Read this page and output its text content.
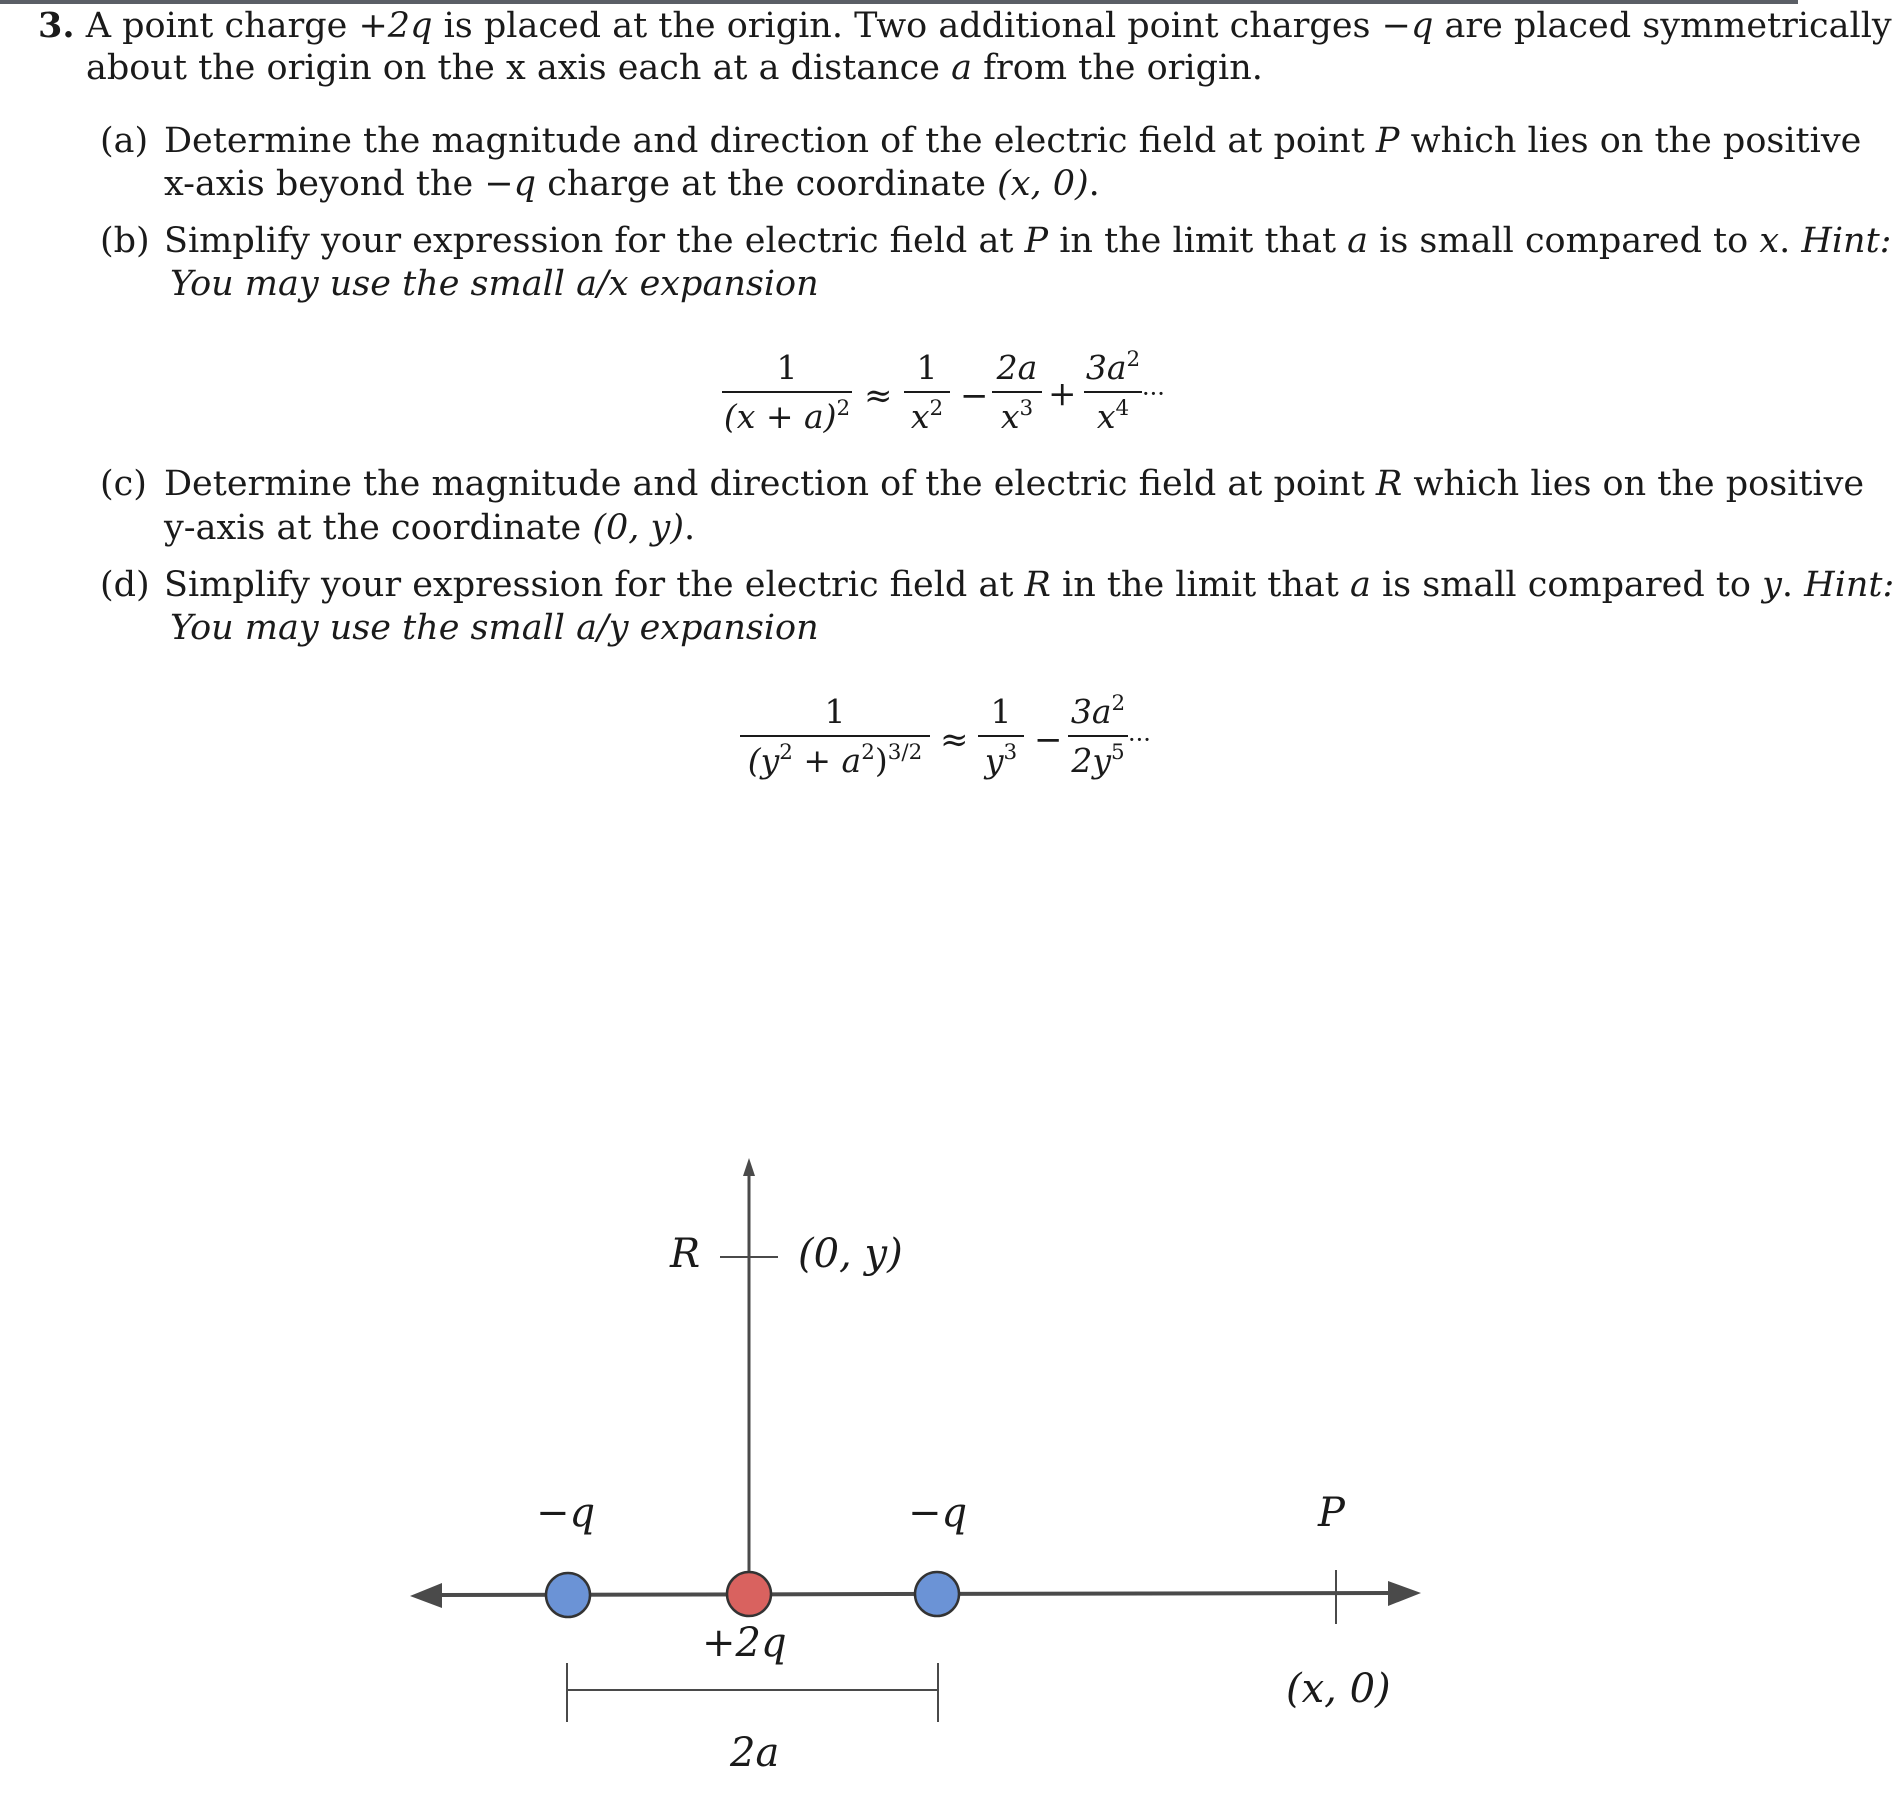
3. A point charge +2q is placed at the origin. Two additional point charges −q are placed symmetrically
about the origin on the x axis each at a distance a from the origin.
(a) Determine the magnitude and direction of the electric field at point P which lies on the positive
x-axis beyond the −q charge at the coordinate (x, 0).
(b) Simplify your expression for the electric field at P in the limit that a is small compared to x. Hint:
You may use the small a/x expansion
1
$(x + a)^2$ ≈
1
$x^2$ −
2a
$x^3$ +
$3a^2$
$x^4$
···
(c) Determine the magnitude and direction of the electric field at point R which lies on the positive
y-axis at the coordinate (0, y).
(d) Simplify your expression for the electric field at R in the limit that a is small compared to y. Hint:
You may use the small a/y expansion
1
$(y^2 + a^2)^{3/2}$ ≈
1
$y^3$ −
$3a^2$
$2y^5$ ···
R (0, y)
−q	−q	P
+2q
(x, 0)
2a
